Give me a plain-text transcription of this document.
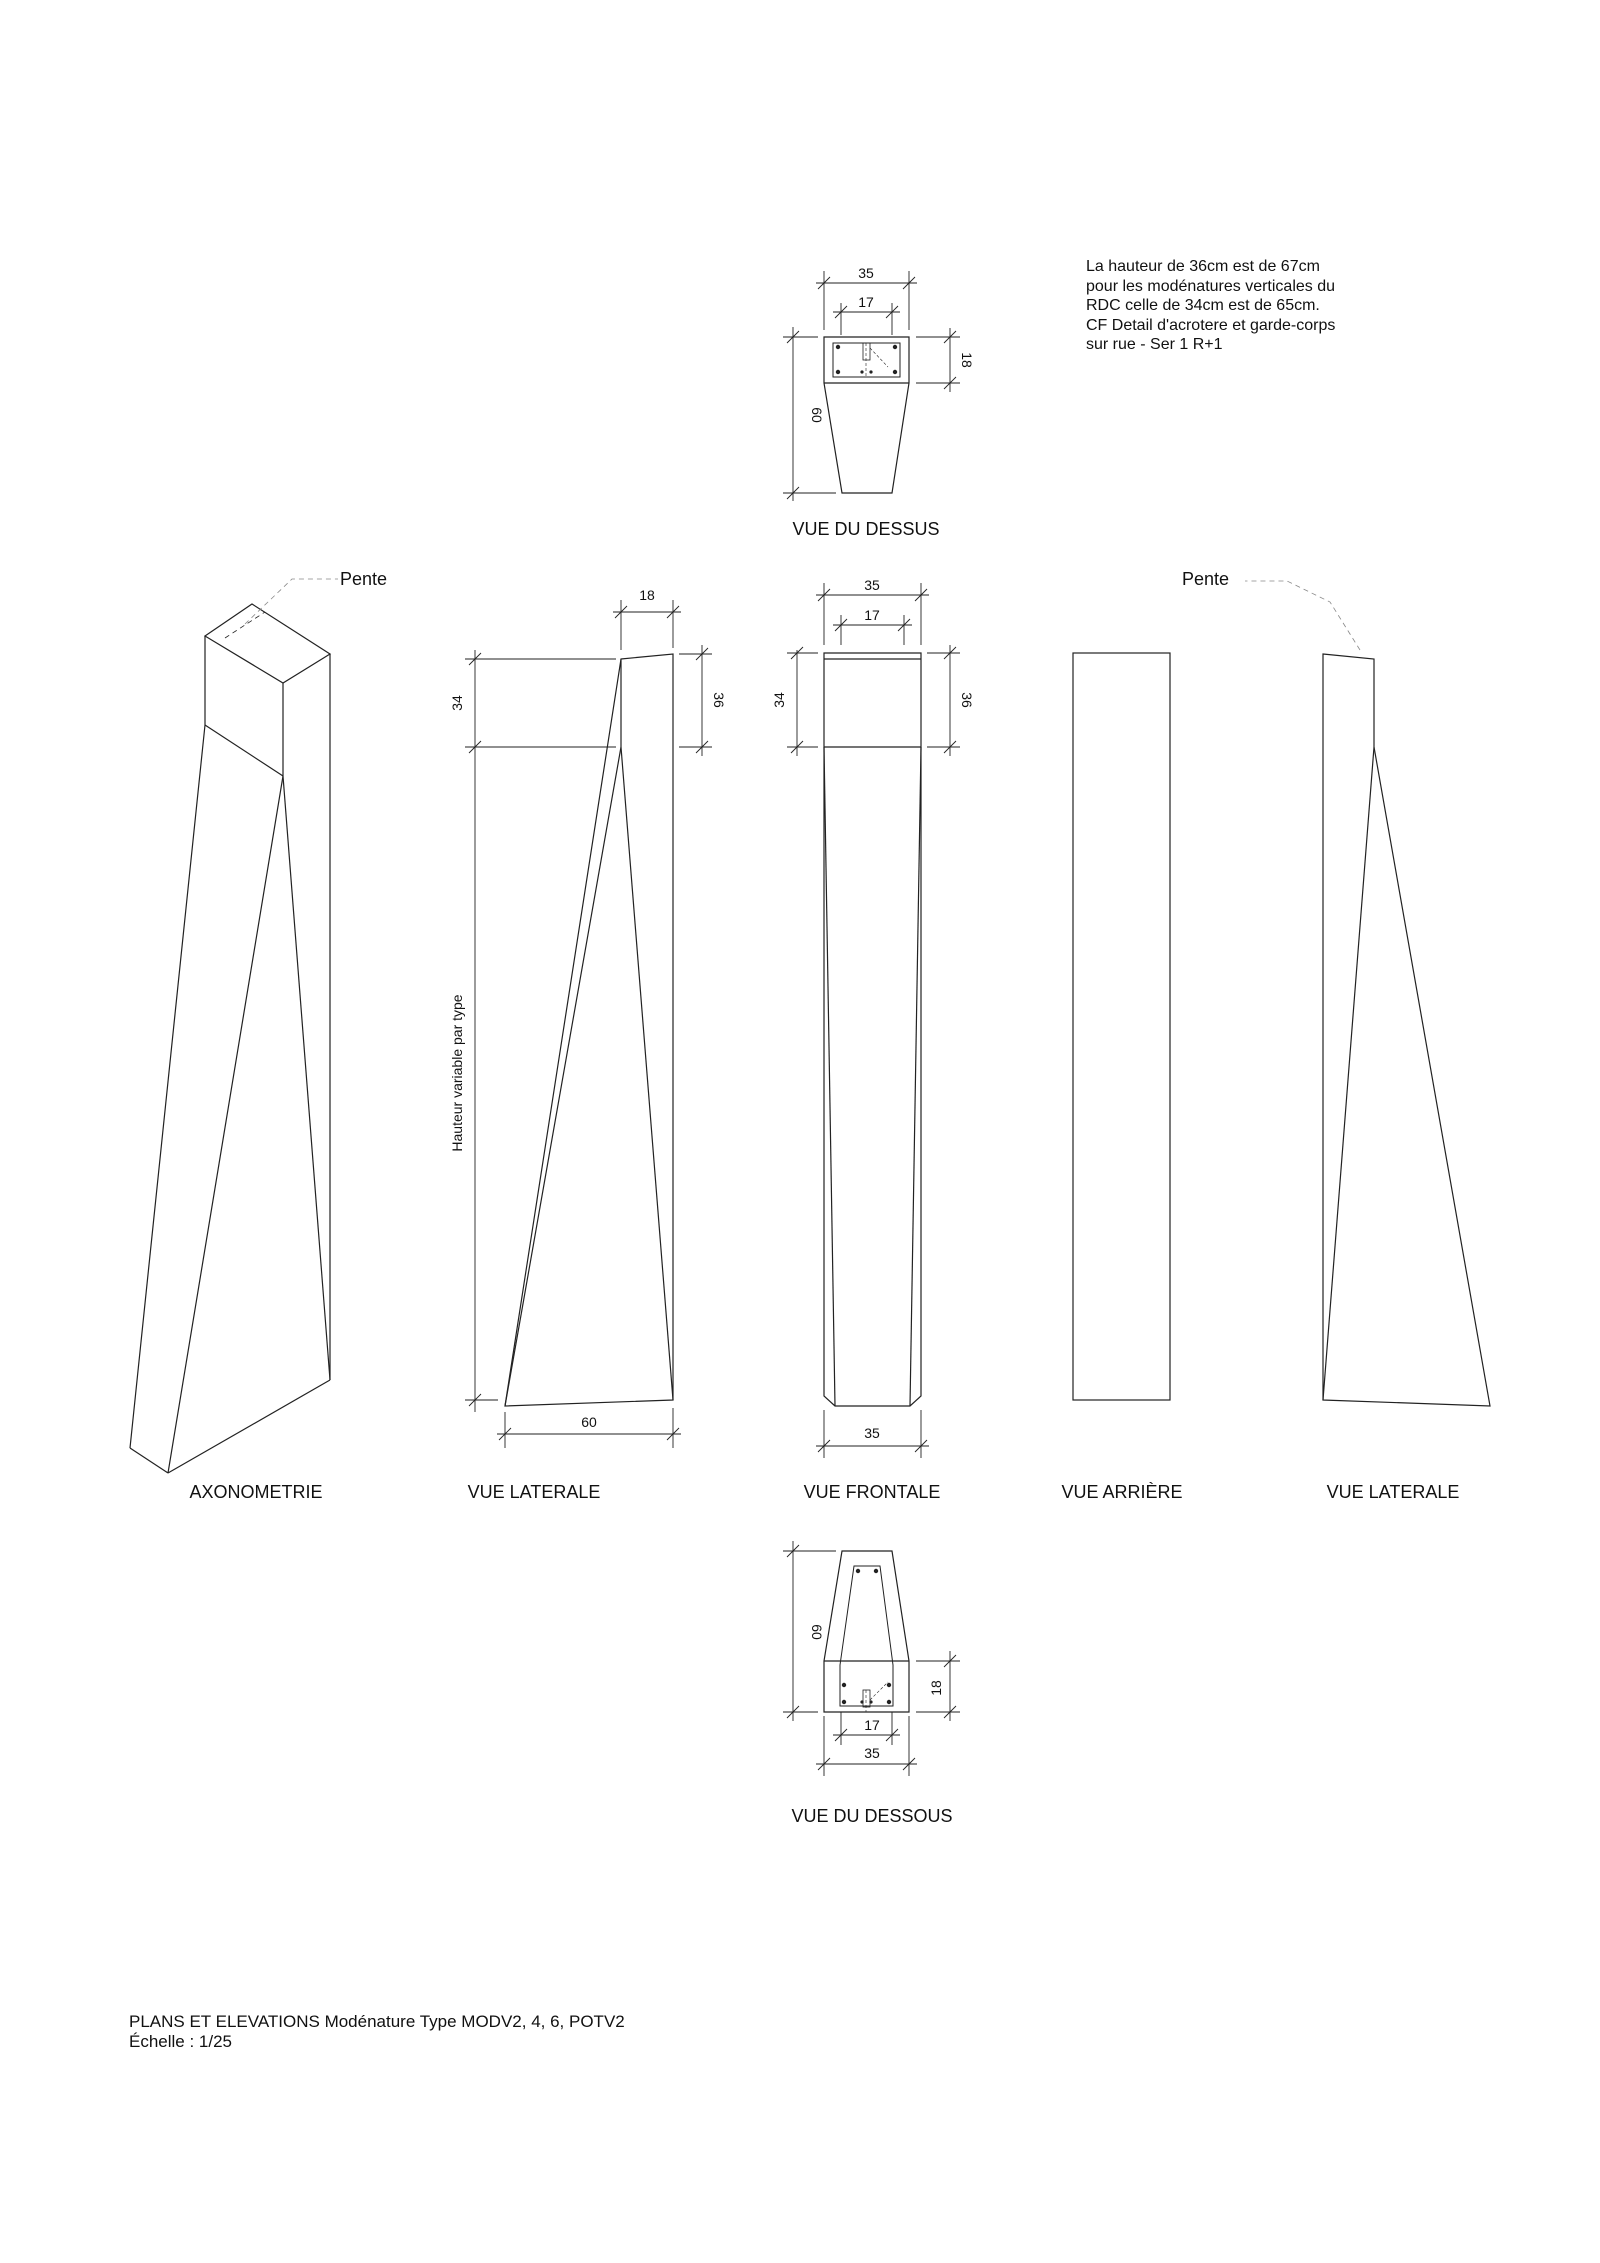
35
17
60
18
VUE DU DESSUS
Pente	Pente
18
34	36
Hauteur variable par type
60
35
17
34	36
35
AXONOMETRIE	VUE LATERALE	VUE FRONTALE	VUE ARRIÈRE	VUE LATERALE
60
18
17
35
VUE DU DESSOUS
La hauteur de 36cm est de 67cm
pour les modénatures verticales du
RDC celle de 34cm est de 65cm.
CF Detail d'acrotere et garde-corps
sur rue - Ser 1 R+1
PLANS ET ELEVATIONS Modénature Type MODV2, 4, 6, POTV2
Échelle : 1/25
